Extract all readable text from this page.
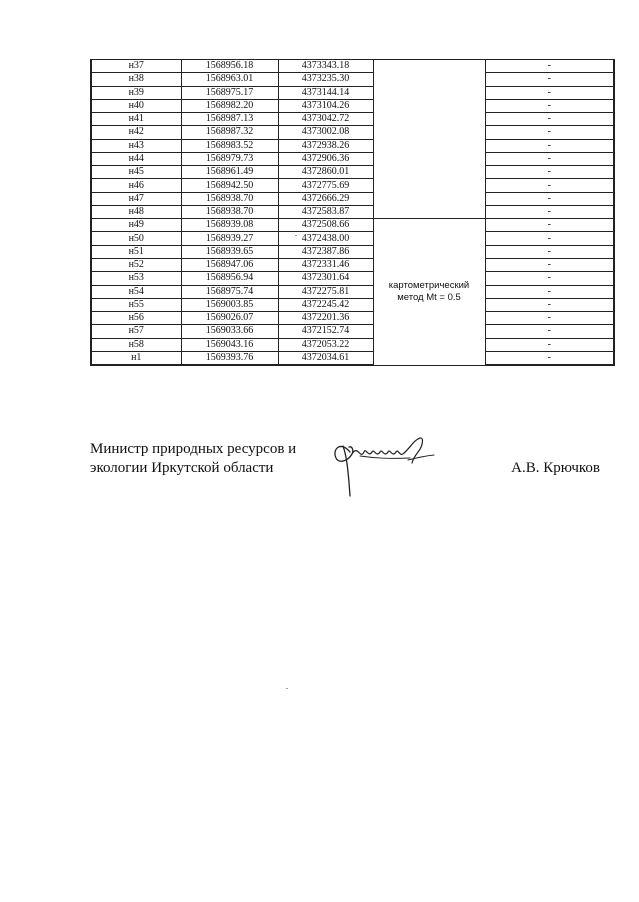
н37	1568956.18	4373343.18		-
н38	1568963.01	4373235.30		-
н39	1568975.17	4373144.14		-
н40	1568982.20	4373104.26		-
н41	1568987.13	4373042.72		-
н42	1568987.32	4373002.08		-
н43	1568983.52	4372938.26		-
н44	1568979.73	4372906.36		-
н45	1568961.49	4372860.01		-
н46	1568942.50	4372775.69		-
н47	1568938.70	4372666.29		-
н48	1568938.70	4372583.87		-
н49	1568939.08	4372508.66	картометрический
метод Mt = 0.5	-
н50	1568939.27	4372438.00		-
н51	1568939.65	4372387.86		-
н52	1568947.06	4372331.46		-
н53	1568956.94	4372301.64		-
н54	1568975.74	4372275.81		-
н55	1569003.85	4372245.42		-
н56	1569026.07	4372201.36		-
н57	1569033.66	4372152.74		-
н58	1569043.16	4372053.22		-
н1	1569393.76	4372034.61		-
Министр природных ресурсов и
экологии Иркутской области	А.В. Крючков
